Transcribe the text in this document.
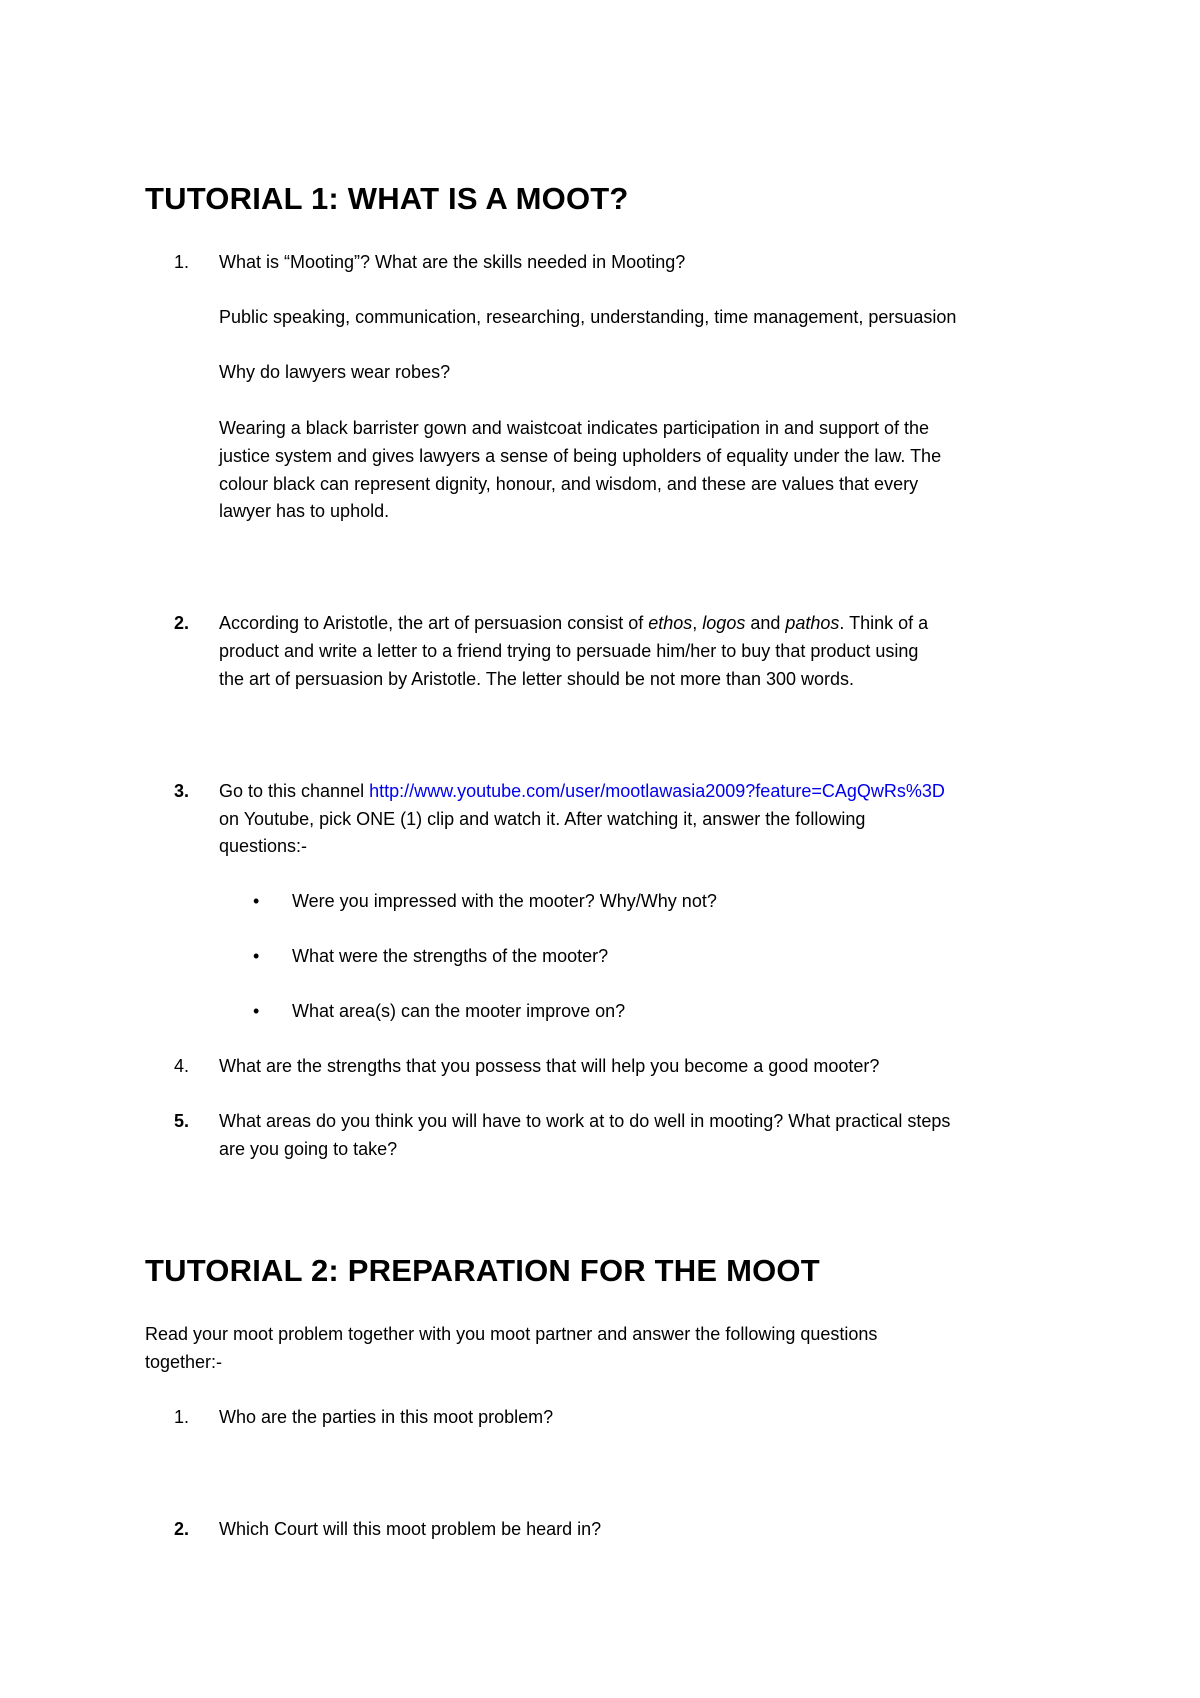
TUTORIAL 1: WHAT IS A MOOT?
1. What is “Mooting”? What are the skills needed in Mooting?
Public speaking, communication, researching, understanding, time management, persuasion
Why do lawyers wear robes?
Wearing a black barrister gown and waistcoat indicates participation in and support of the
justice system and gives lawyers a sense of being upholders of equality under the law. The
colour black can represent dignity, honour, and wisdom, and these are values that every
lawyer has to uphold.
2. According to Aristotle, the art of persuasion consist of ethos, logos and pathos. Think of a
product and write a letter to a friend trying to persuade him/her to buy that product using
the art of persuasion by Aristotle. The letter should be not more than 300 words.
3. Go to this channel http://www.youtube.com/user/mootlawasia2009?feature=CAgQwRs%3D
on Youtube, pick ONE (1) clip and watch it. After watching it, answer the following
questions:-
• Were you impressed with the mooter? Why/Why not?
• What were the strengths of the mooter?
• What area(s) can the mooter improve on?
4. What are the strengths that you possess that will help you become a good mooter?
5. What areas do you think you will have to work at to do well in mooting? What practical steps
are you going to take?
TUTORIAL 2: PREPARATION FOR THE MOOT
Read your moot problem together with you moot partner and answer the following questions
together:-
1. Who are the parties in this moot problem?
2. Which Court will this moot problem be heard in?
